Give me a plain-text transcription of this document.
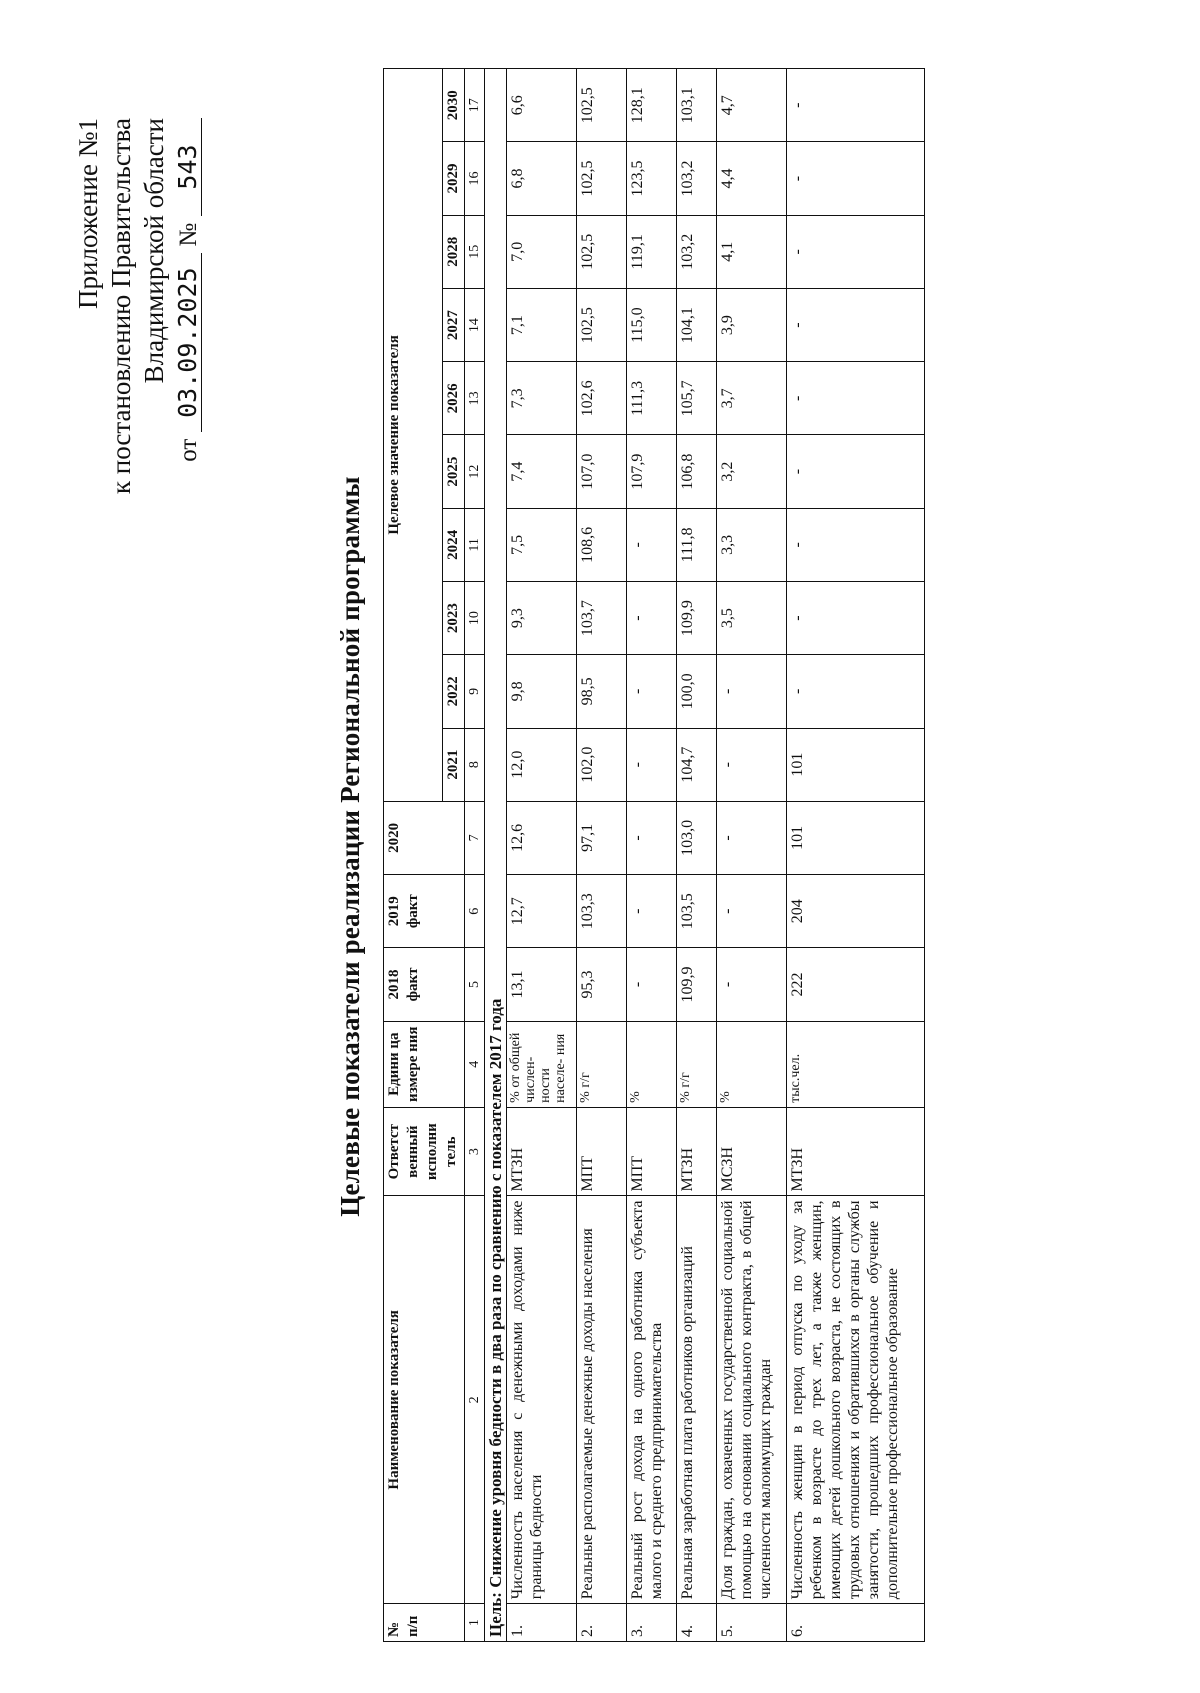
Приложение №1 к постановлению Правительства Владимирской области
от 03.09.2025 № 543
Целевые показатели реализации Региональной программы
№ п/п	Наименование показателя	Ответст венный исполни тель	Едини ца измере ния	2018 факт	2019 факт	2020	Целевое значение показателя									
							2021	2022	2023	2024	2025	2026	2027	2028	2029	2030
1	2	3	4	5	6	7	8	9	10	11	12	13	14	15	16	17
Цель: Снижение уровня бедности в два раза по сравнению с показателем 2017 года																
1.	Численность населения с денежными доходами ниже границы бедности	МТЗН	% от общей числен- ности населе- ния	13,1	12,7	12,6	12,0	9,8	9,3	7,5	7,4	7,3	7,1	7,0	6,8	6,6
2.	Реальные располагаемые денежные доходы населения	МПТ	% г/г	95,3	103,3	97,1	102,0	98,5	103,7	108,6	107,0	102,6	102,5	102,5	102,5	102,5
3.	Реальный рост дохода на одного работника субъекта малого и среднего предпринимательства	МПТ	%	-	-	-	-	-	-	-	107,9	111,3	115,0	119,1	123,5	128,1
4.	Реальная заработная плата работников организаций	МТЗН	% г/г	109,9	103,5	103,0	104,7	100,0	109,9	111,8	106,8	105,7	104,1	103,2	103,2	103,1
5.	Доля граждан, охваченных государственной социальной помощью на основании социального контракта, в общей численности малоимущих граждан	МСЗН	%	-	-	-	-	-	3,5	3,3	3,2	3,7	3,9	4,1	4,4	4,7
6.	Численность женщин в период отпуска по уходу за ребенком в возрасте до трех лет, а также женщин, имеющих детей дошкольного возраста, не состоящих в трудовых отношениях и обратившихся в органы службы занятости, прошедших профессиональное обучение и дополнительное профессиональное образование	МТЗН	тыс.чел.	222	204	101	101	-	-	-	-	-	-	-	-	-
